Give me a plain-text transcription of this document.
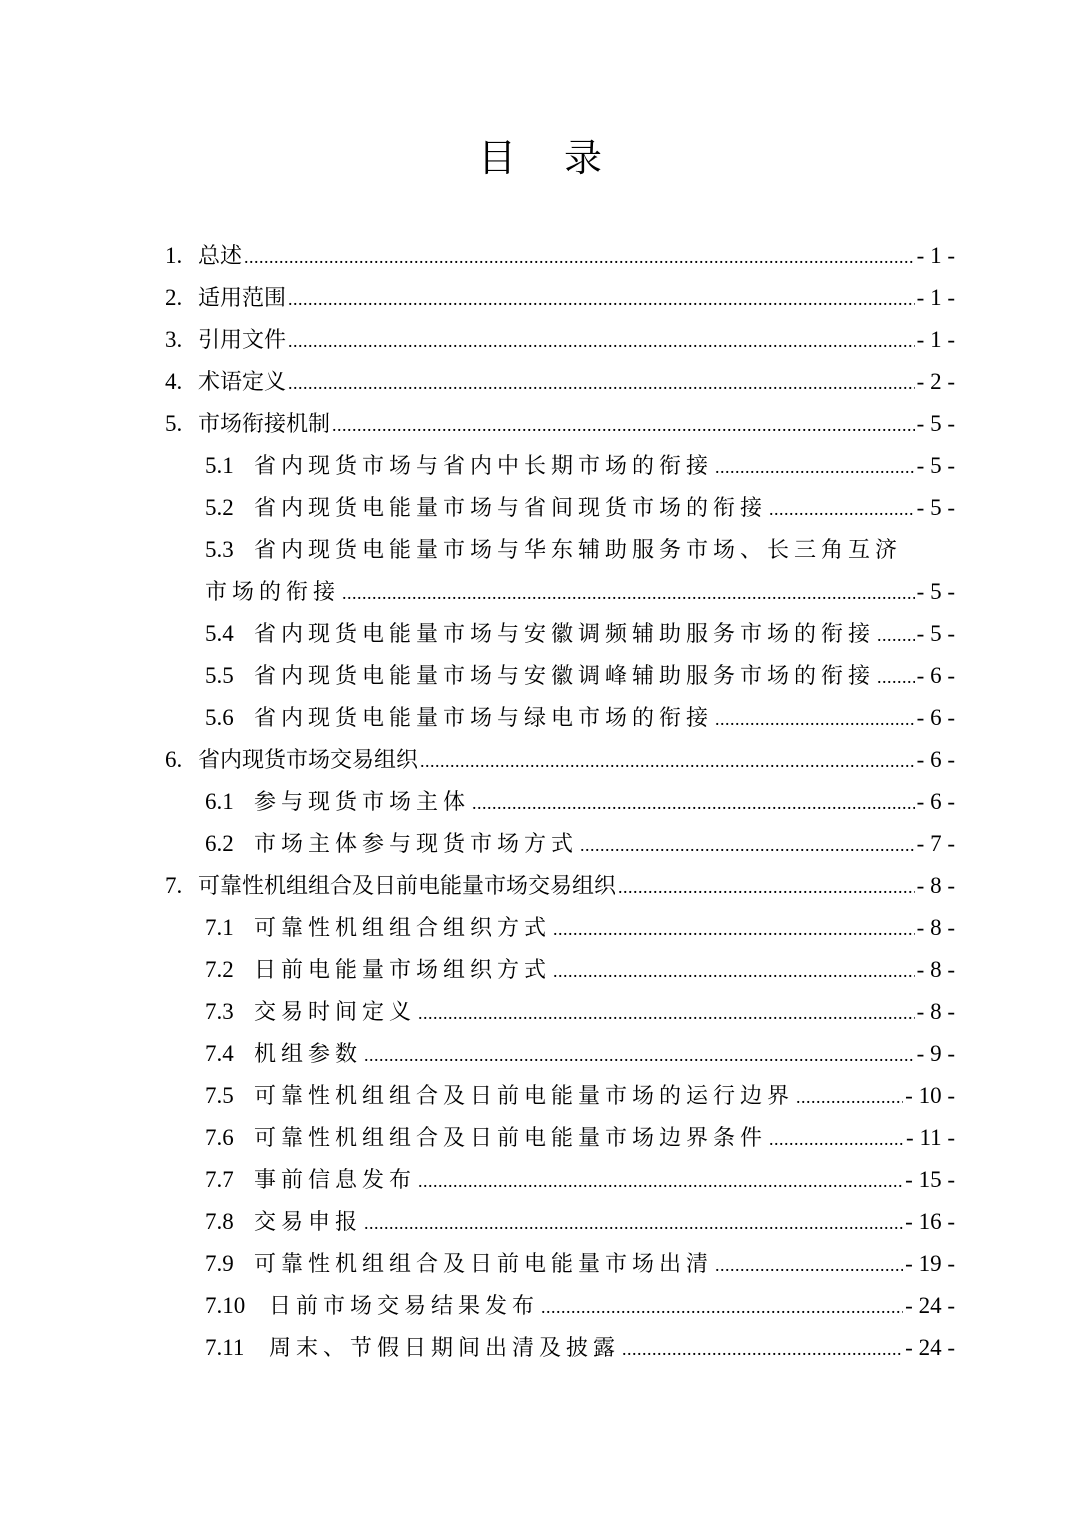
目 录
1. 总述 .....	- 1 -
2. 适用范围 .....	- 1 -
3. 引用文件 .....	- 1 -
4. 术语定义 .....	- 2 -
5. 市场衔接机制 .....	- 5 -
5.1 省内现货市场与省内中长期市场的衔接 .....	- 5 -
5.2 省内现货电能量市场与省间现货市场的衔接 .....	- 5 -
5.3 省内现货电能量市场与华东辅助服务市场、长三角互济
市场的衔接 .....	- 5 -
5.4 省内现货电能量市场与安徽调频辅助服务市场的衔接 ..... - 5 -
5.5 省内现货电能量市场与安徽调峰辅助服务市场的衔接 ..... - 6 -
5.6 省内现货电能量市场与绿电市场的衔接 .....	- 6 -
6. 省内现货市场交易组织 .....	- 6 -
6.1 参与现货市场主体 .....	- 6 -
6.2 市场主体参与现货市场方式 .....	- 7 -
7. 可靠性机组组合及日前电能量市场交易组织 .....	- 8 -
7.1 可靠性机组组合组织方式 .....	- 8 -
7.2 日前电能量市场组织方式 .....	- 8 -
7.3 交易时间定义 .....	- 8 -
7.4 机组参数 .....	- 9 -
7.5 可靠性机组组合及日前电能量市场的运行边界 .....	- 10 -
7.6 可靠性机组组合及日前电能量市场边界条件 .....	- 11 -
7.7 事前信息发布 .....	- 15 -
7.8 交易申报 .....	- 16 -
7.9 可靠性机组组合及日前电能量市场出清 .....	- 19 -
7.10	日前市场交易结果发布 .....	- 24 -
7.11	周末、节假日期间出清及披露 .....	- 24 -
